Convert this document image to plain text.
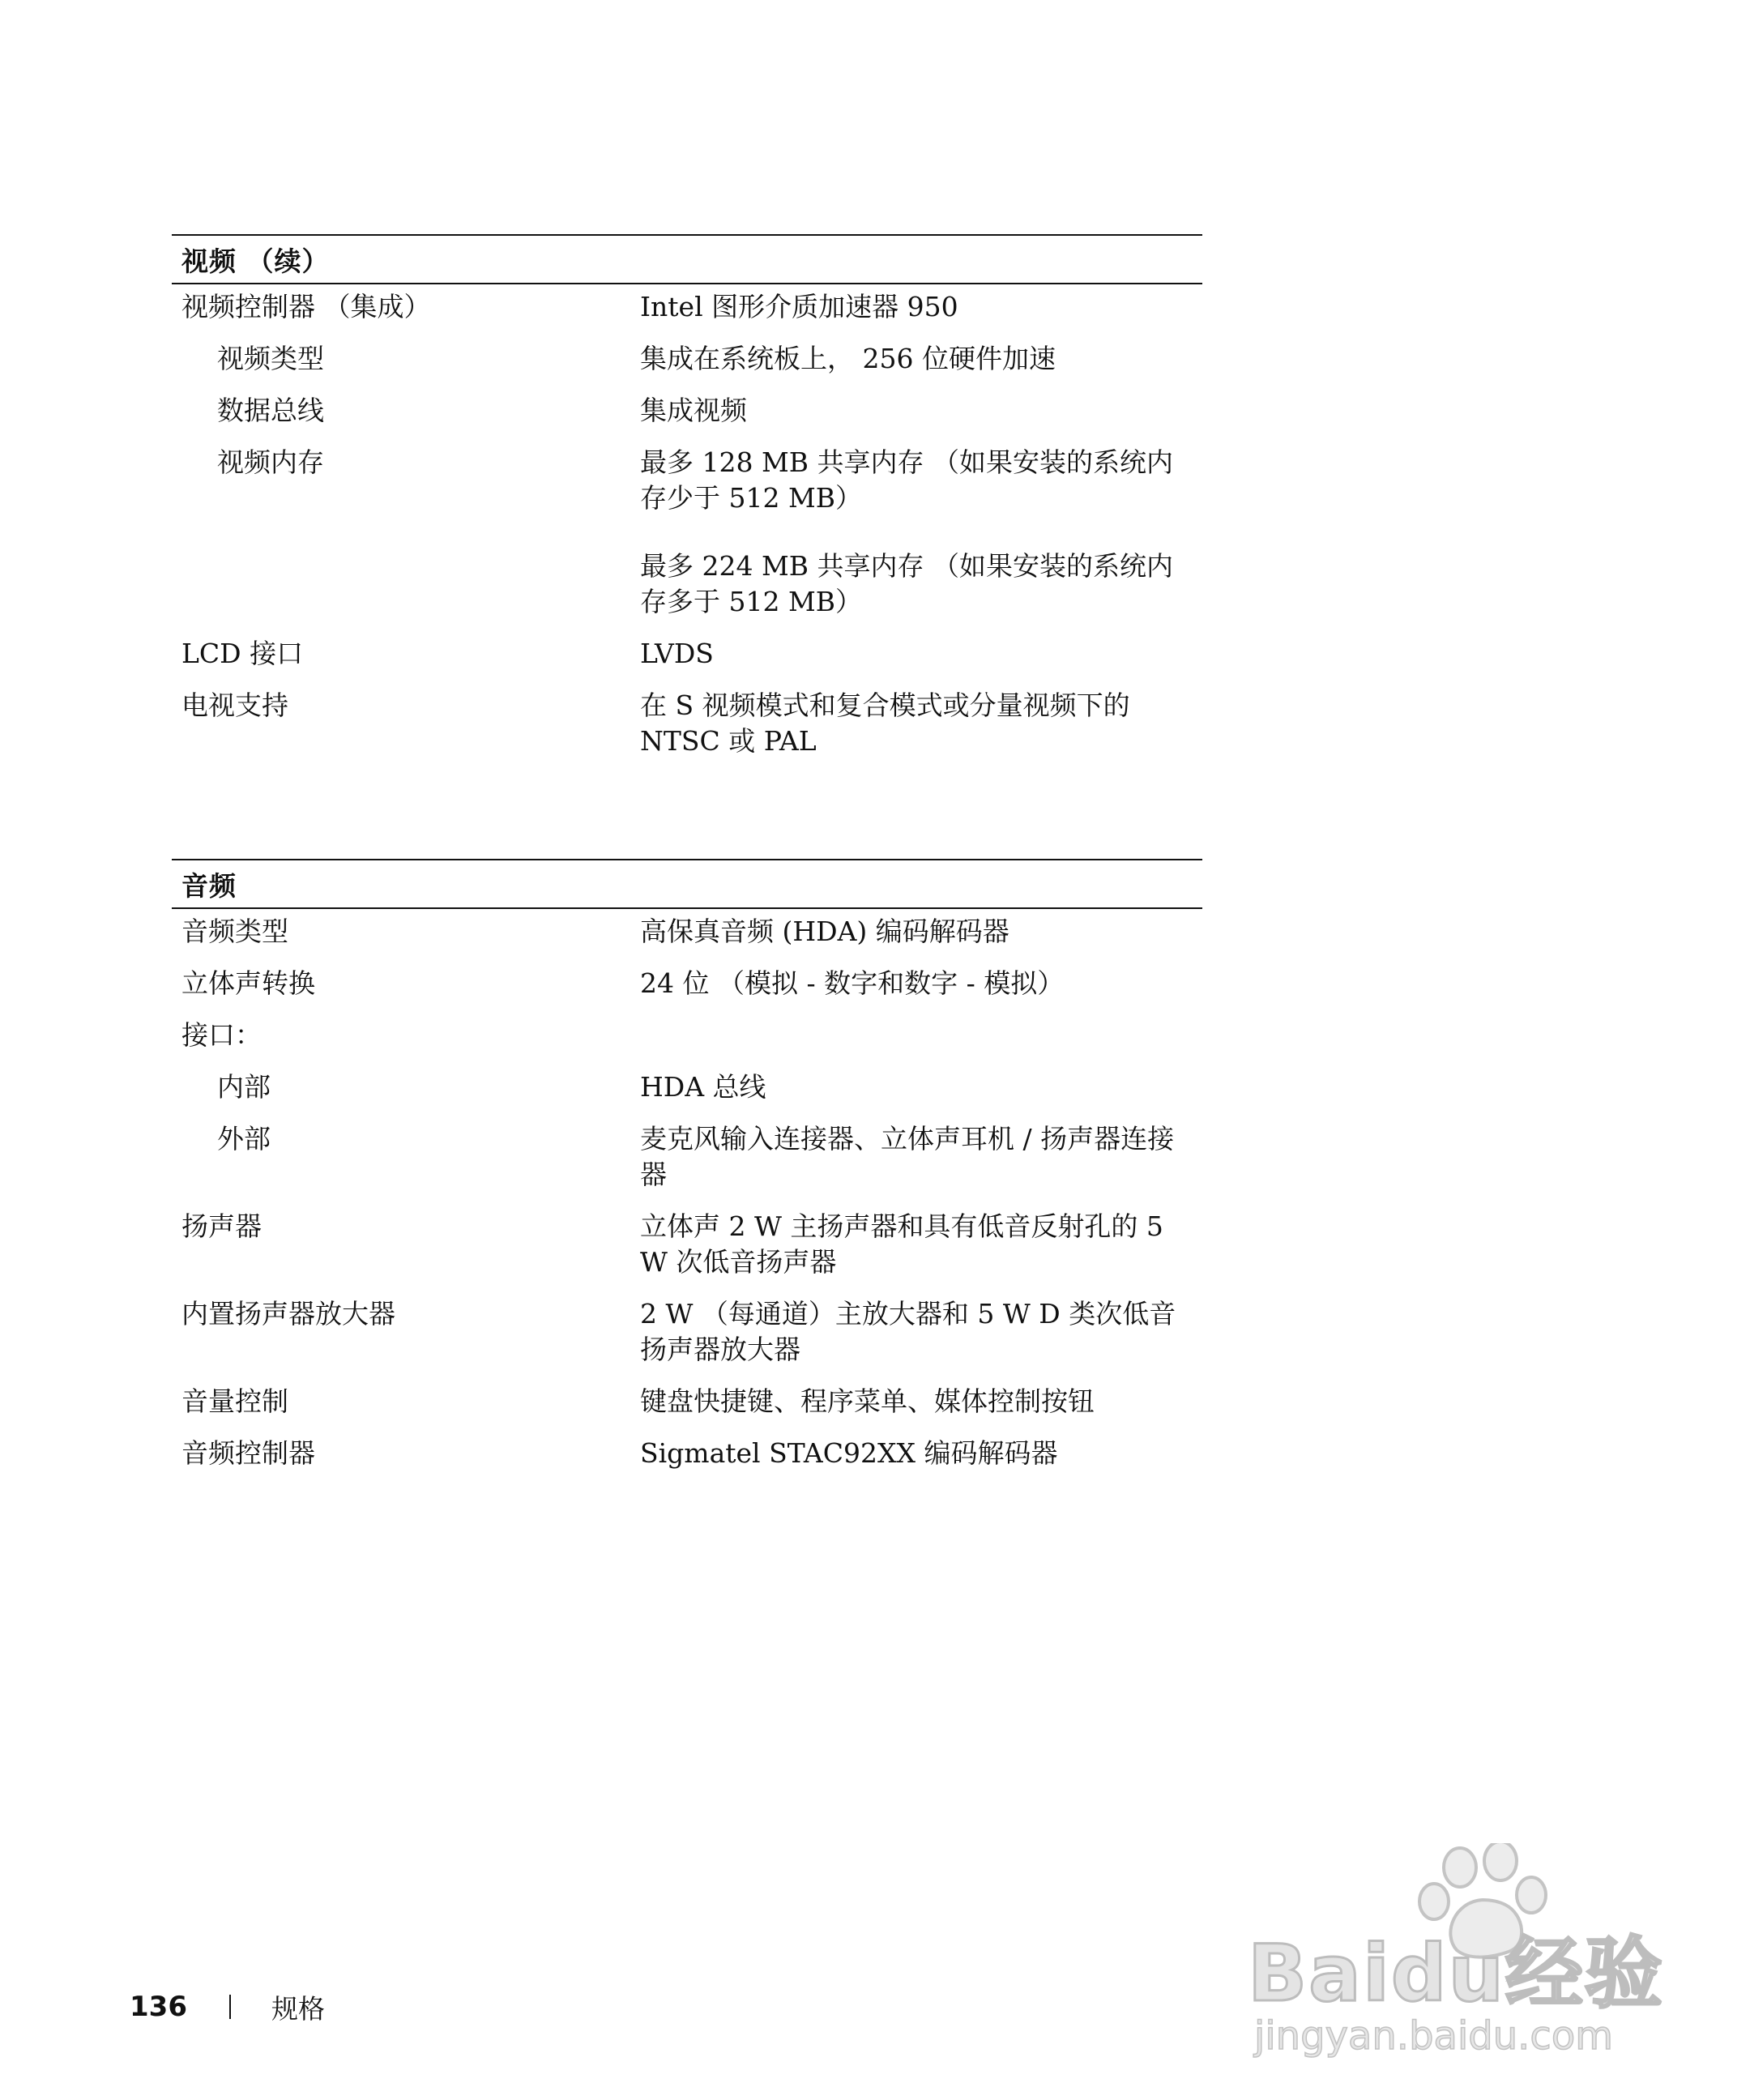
视频 （续）
视频控制器 （集成）	Intel 图形介质加速器 950

视频类型	集成在系统板上， 256 位硬件加速

数据总线	集成视频

视频内存	最多 128 MB 共享内存 （如果安装的系统内存少于 512 MB）

最多 224 MB 共享内存 （如果安装的系统内存多于 512 MB）

LCD 接口	LVDS

电视支持	在 S 视频模式和复合模式或分量视频下的 NTSC 或 PAL

音频
音频类型	高保真音频 (HDA) 编码解码器

立体声转换	24 位 （模拟 - 数字和数字 - 模拟）

接口：

内部	HDA 总线

外部	麦克风输入连接器、立体声耳机 / 扬声器连接器

扬声器	立体声 2 W 主扬声器和具有低音反射孔的 5 W 次低音扬声器

内置扬声器放大器	2 W （每通道）主放大器和 5 W D 类次低音扬声器放大器

音量控制	键盘快捷键、程序菜单、媒体控制按钮

音频控制器	Sigmatel STAC92XX 编码解码器

136	规格	Baidu经验
jingyan.baidu.com
